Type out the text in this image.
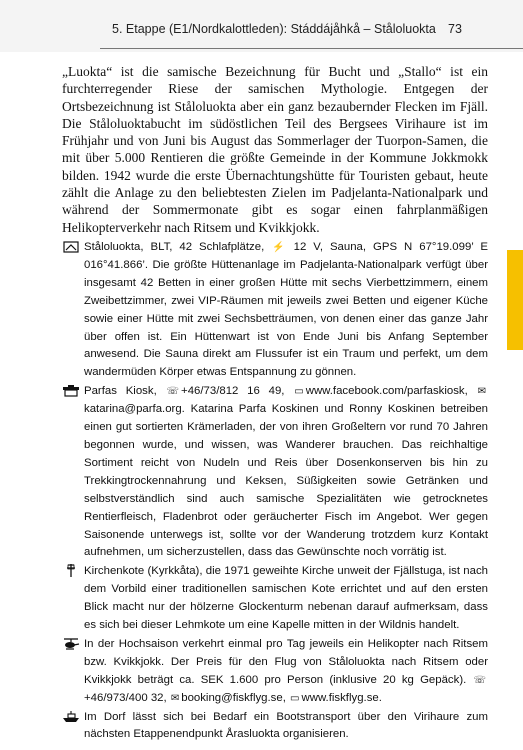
5. Etappe (E1/Nordkalottleden): Stáddájåhkå – Ståloluokta 73

„Luokta“ ist die samische Bezeichnung für Bucht und „Stallo“ ist ein furchterregender Riese der samischen Mythologie. Entgegen der Ortsbezeichnung ist Ståloluokta aber ein ganz bezaubernder Flecken im Fjäll. Die Ståloluoktabucht im südöstlichen Teil des Bergsees Virihaure ist im Frühjahr und von Juni bis August das Sommerlager der Tuorpon-Samen, die mit über 5.000 Rentieren die größte Gemeinde in der Kommune Jokkmokk bilden. 1942 wurde die erste Übernachtungshütte für Touristen gebaut, heute zählt die Anlage zu den beliebtesten Zielen im Padjelanta-Nationalpark und während der Sommermonate gibt es sogar einen fahrplanmäßigen Helikopterverkehr nach Ritsem und Kvikkjokk.

Ståloluokta, BLT, 42 Schlafplätze, ⚡ 12 V, Sauna, GPS N 67°19.099’ E 016°41.866’. Die größte Hüttenanlage im Padjelanta-Nationalpark verfügt über insgesamt 42 Betten in einer großen Hütte mit sechs Vierbettzimmern, einem Zweibettzimmer, zwei VIP-Räumen mit jeweils zwei Betten und eigener Küche sowie einer Hütte mit zwei Sechsbetträumen, von denen einer das ganze Jahr über offen ist. Ein Hüttenwart ist von Ende Juni bis Anfang September anwesend. Die Sauna direkt am Flussufer ist ein Traum und perfekt, um dem wandermüden Körper etwas Entspannung zu gönnen.

Parfas Kiosk, ☏ +46/73/812 16 49, ▭ www.facebook.com/parfaskiosk, ✉katarina@parfa.org. Katarina Parfa Koskinen und Ronny Koskinen betreiben einen gut sortierten Krämerladen, der von ihren Großeltern vor rund 70 Jahren begonnen wurde, und wissen, was Wanderer brauchen. Das reichhaltige Sortiment reicht von Nudeln und Reis über Dosenkonserven bis hin zu Trekkingtrockennahrung und Keksen, Süßigkeiten sowie Getränken und selbstverständlich sind auch samische Spezialitäten wie getrocknetes Rentierfleisch, Fladenbrot oder geräucherter Fisch im Angebot. Wer gegen Saisonende unterwegs ist, sollte vor der Wanderung trotzdem kurz Kontakt aufnehmen, um sicherzustellen, dass das Gewünschte noch vorrätig ist.

Kirchenkote (Kyrkkåta), die 1971 geweihte Kirche unweit der Fjällstuga, ist nach dem Vorbild einer traditionellen samischen Kote errichtet und auf den ersten Blick macht nur der hölzerne Glockenturm nebenan darauf aufmerksam, dass es sich bei dieser Lehmkote um eine Kapelle mitten in der Wildnis handelt.

In der Hochsaison verkehrt einmal pro Tag jeweils ein Helikopter nach Ritsem bzw. Kvikkjokk. Der Preis für den Flug von Ståloluokta nach Ritsem oder Kvikkjokk beträgt ca. SEK 1.600 pro Person (inklusive 20 kg Gepäck). ☏+46/973/400 32, ✉ booking@fiskflyg.se, ▭ www.fiskflyg.se.

Im Dorf lässt sich bei Bedarf ein Bootstransport über den Virihaure zum nächsten Etappenendpunkt Årasluokta organisieren.
